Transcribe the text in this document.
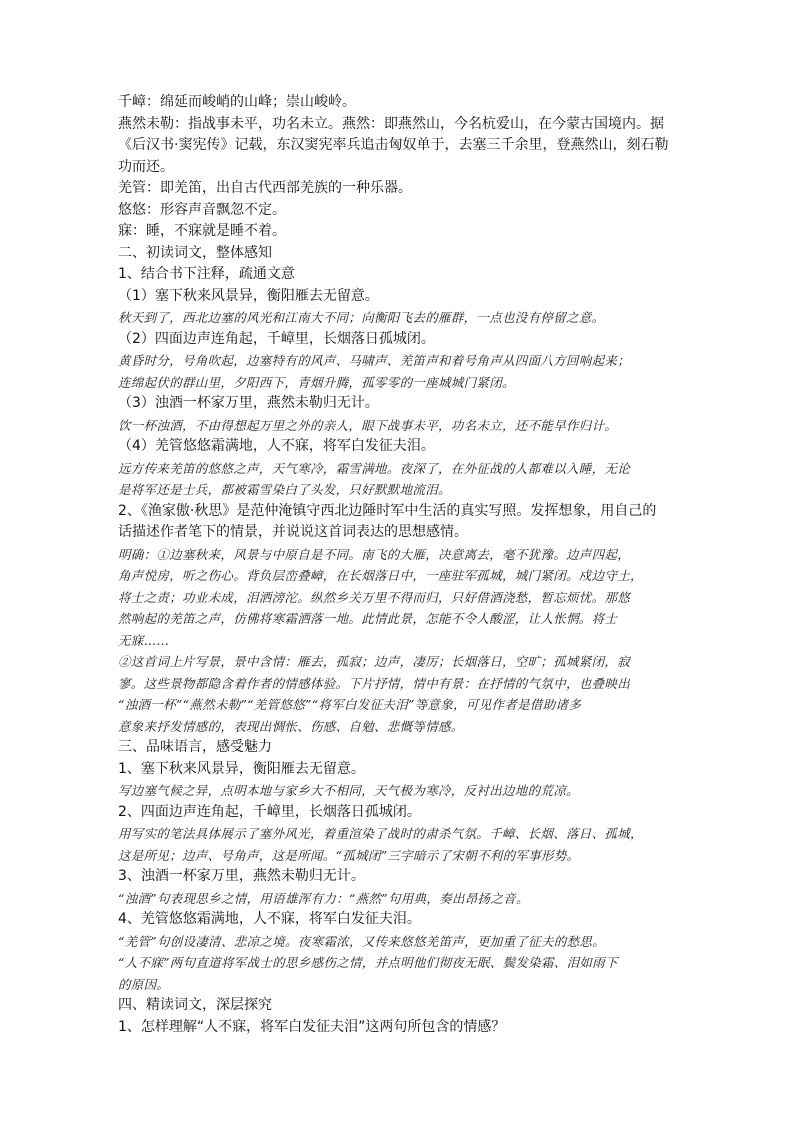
千嶂：绵延而峻峭的山峰；崇山峻岭。
燕然未勒：指战事未平，功名未立。燕然：即燕然山，今名杭爱山，在今蒙古国境内。据
《后汉书·窦宪传》记载，东汉窦宪率兵追击匈奴单于，去塞三千余里，登燕然山，刻石勒
功而还。
羌管：即羌笛，出自古代西部羌族的一种乐器。
悠悠：形容声音飘忽不定。
寐：睡，不寐就是睡不着。
二、初读词文，整体感知
1、结合书下注释，疏通文意
（1）塞下秋来风景异，衡阳雁去无留意。
秋天到了，西北边塞的风光和江南大不同；向衡阳飞去的雁群，一点也没有停留之意。
（2）四面边声连角起，千嶂里，长烟落日孤城闭。
黄昏时分，号角吹起，边塞特有的风声、马啸声、羌笛声和着号角声从四面八方回响起来；
连绵起伏的群山里，夕阳西下，青烟升腾，孤零零的一座城城门紧闭。
（3）浊酒一杯家万里，燕然未勒归无计。
饮一杯浊酒，不由得想起万里之外的亲人，眼下战事未平，功名未立，还不能早作归计。
（4）羌管悠悠霜满地，人不寐，将军白发征夫泪。
远方传来羌笛的悠悠之声，天气寒冷，霜雪满地。夜深了，在外征战的人都难以入睡，无论
是将军还是士兵，都被霜雪染白了头发，只好默默地流泪。
2、《渔家傲·秋思》是范仲淹镇守西北边陲时军中生活的真实写照。发挥想象，用自己的
话描述作者笔下的情景，并说说这首词表达的思想感情。
明确：①边塞秋来，风景与中原自是不同。南飞的大雁，决意离去，毫不犹豫。边声四起，
角声悦房，听之伤心。背负层峦叠嶂，在长烟落日中，一座驻军孤城，城门紧闭。戍边守土，
将士之责；功业未成，泪洒滂沱。纵然乡关万里不得而归，只好借酒浇愁，暂忘烦忧。那悠
然响起的羌笛之声，仿佛将寒霜洒落一地。此情此景，怎能不令人酸涩，让人怅惘。将士
无寐……
②这首词上片写景，景中含情：雁去，孤寂；边声，凄厉；长烟落日，空旷；孤城紧闭，寂
寥。这些景物都隐含着作者的情感体验。下片抒情，情中有景：在抒情的气氛中，也叠映出
“浊酒一杯”“燕然未勒”“羌管悠悠”“将军白发征夫泪”等意象，可见作者是借助诸多
意象来抒发情感的，表现出惆怅、伤感、自勉、悲慨等情感。
三、品味语言，感受魅力
1、塞下秋来风景异，衡阳雁去无留意。
写边塞气候之异，点明本地与家乡大不相同，天气极为寒冷，反衬出边地的荒凉。
2、四面边声连角起，千嶂里，长烟落日孤城闭。
用写实的笔法具体展示了塞外风光，着重渲染了战时的肃杀气氛。千嶂、长烟、落日、孤城，
这是所见；边声、号角声，这是所闻。“孤城闭”三字暗示了宋朝不利的军事形势。
3、浊酒一杯家万里，燕然未勒归无计。
“浊酒”句表现思乡之情，用语雄浑有力：“燕然”句用典，奏出昂扬之音。
4、羌管悠悠霜满地，人不寐，将军白发征夫泪。
“羌管”句创设凄清、悲凉之境。夜寒霜浓，又传来悠悠羌笛声，更加重了征夫的愁思。
“人不寐”两句直道将军战士的思乡感伤之情，并点明他们彻夜无眠、鬓发染霜、泪如雨下
的原因。
四、精读词文，深层探究
1、怎样理解“人不寐，将军白发征夫泪”这两句所包含的情感？
